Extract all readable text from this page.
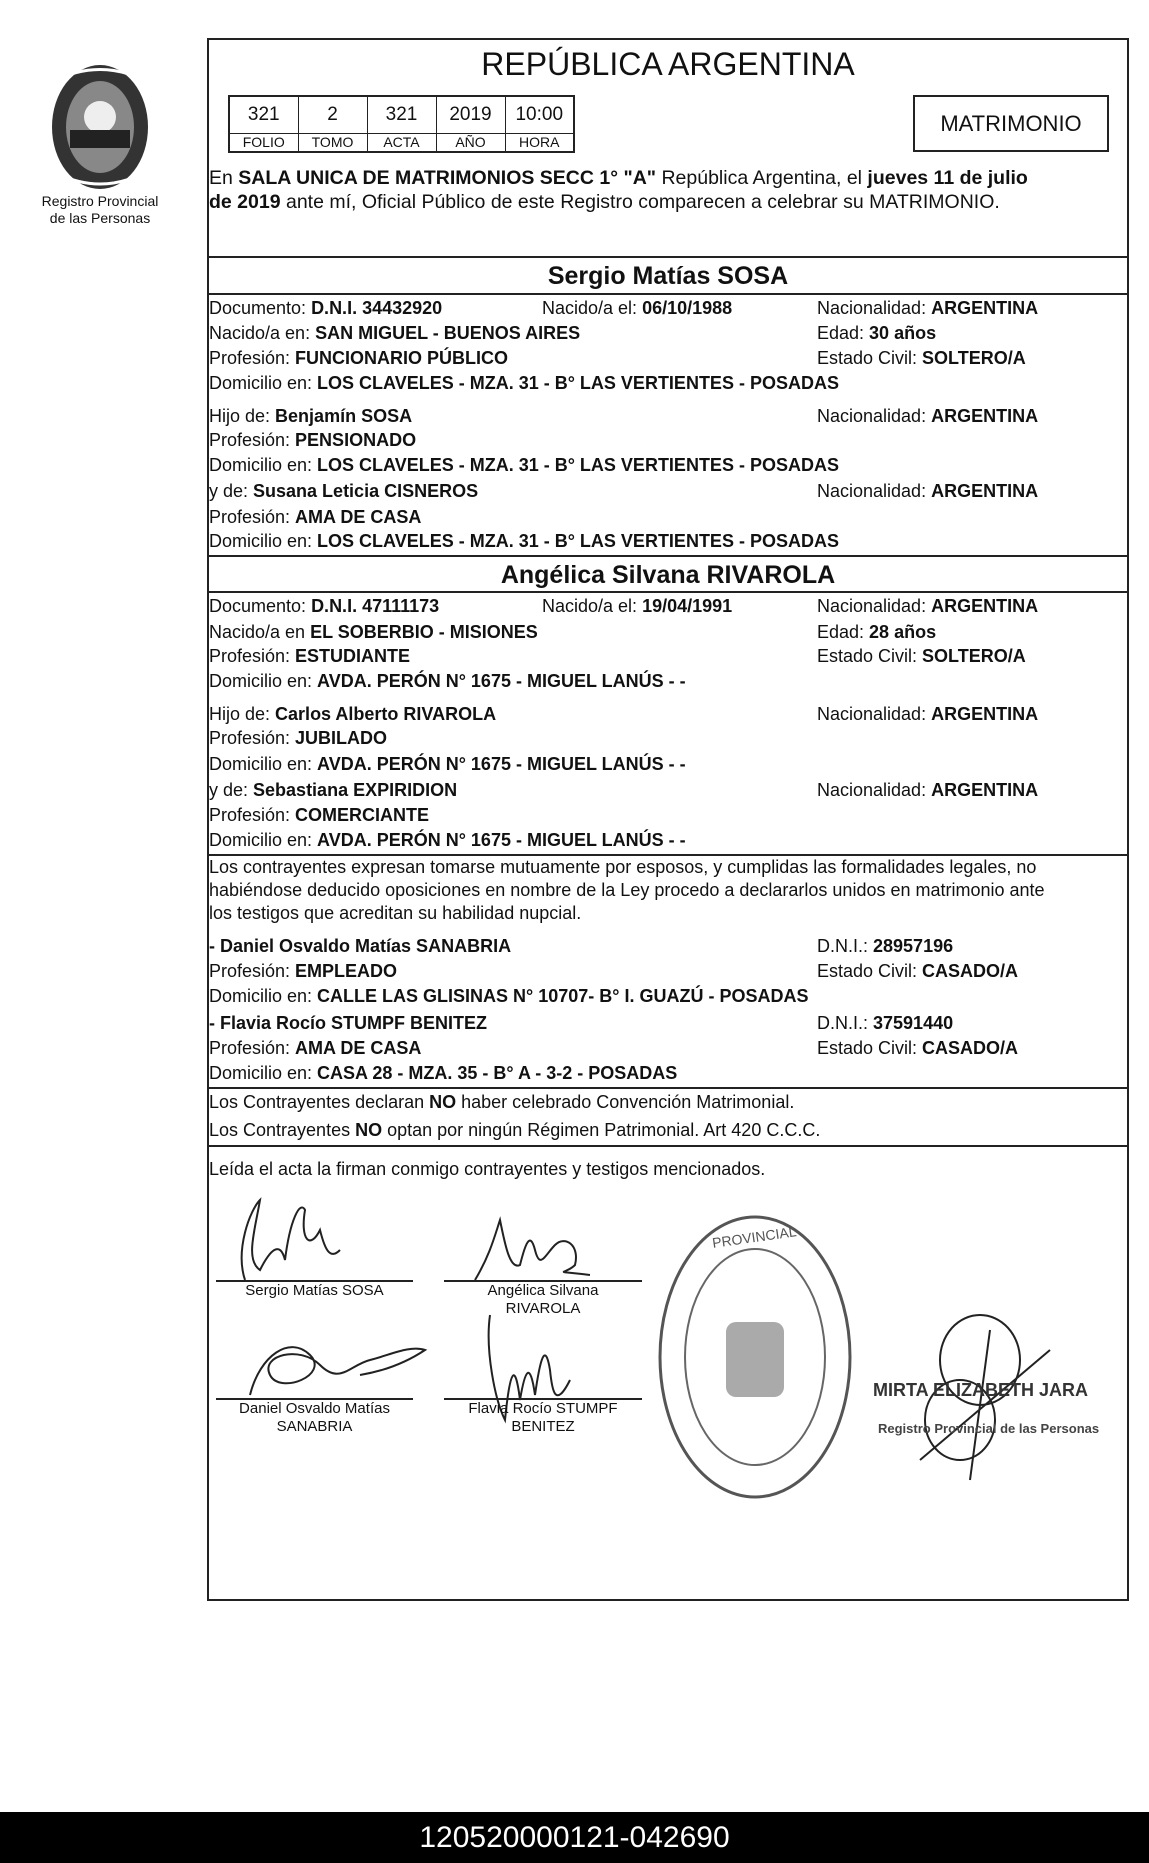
Registro Provincial
de las Personas
REPÚBLICA ARGENTINA
321	2	321	2019	10:00
FOLIO	TOMO	ACTA	AÑO	HORA
MATRIMONIO
En SALA UNICA DE MATRIMONIOS SECC 1° "A" República Argentina, el jueves 11 de julio
de 2019 ante mí, Oficial Público de este Registro comparecen a celebrar su MATRIMONIO.
Sergio Matías SOSA
Documento: D.N.I. 34432920	Nacido/a el: 06/10/1988	Nacionalidad: ARGENTINA
Nacido/a en: SAN MIGUEL - BUENOS AIRES	Edad: 30 años
Profesión: FUNCIONARIO PÚBLICO	Estado Civil: SOLTERO/A
Domicilio en: LOS CLAVELES - MZA. 31 - B° LAS VERTIENTES - POSADAS
Hijo de: Benjamín SOSA	Nacionalidad: ARGENTINA
Profesión: PENSIONADO
Domicilio en: LOS CLAVELES - MZA. 31 - B° LAS VERTIENTES - POSADAS
y de: Susana Leticia CISNEROS	Nacionalidad: ARGENTINA
Profesión: AMA DE CASA
Domicilio en: LOS CLAVELES - MZA. 31 - B° LAS VERTIENTES - POSADAS
Angélica Silvana RIVAROLA
Documento: D.N.I. 47111173	Nacido/a el: 19/04/1991	Nacionalidad: ARGENTINA
Nacido/a en EL SOBERBIO - MISIONES	Edad: 28 años
Profesión: ESTUDIANTE	Estado Civil: SOLTERO/A
Domicilio en: AVDA. PERÓN N° 1675 - MIGUEL LANÚS - -
Hijo de: Carlos Alberto RIVAROLA	Nacionalidad: ARGENTINA
Profesión: JUBILADO
Domicilio en: AVDA. PERÓN N° 1675 - MIGUEL LANÚS - -
y de: Sebastiana EXPIRIDION	Nacionalidad: ARGENTINA
Profesión: COMERCIANTE
Domicilio en: AVDA. PERÓN N° 1675 - MIGUEL LANÚS - -
Los contrayentes expresan tomarse mutuamente por esposos, y cumplidas las formalidades legales, no
habiéndose deducido oposiciones en nombre de la Ley procedo a declararlos unidos en matrimonio ante
los testigos que acreditan su habilidad nupcial.
- Daniel Osvaldo Matías SANABRIA	D.N.I.: 28957196
Profesión: EMPLEADO	Estado Civil: CASADO/A
Domicilio en: CALLE LAS GLISINAS N° 10707- B° I. GUAZÚ - POSADAS
- Flavia Rocío STUMPF BENITEZ	D.N.I.: 37591440
Profesión: AMA DE CASA	Estado Civil: CASADO/A
Domicilio en: CASA 28 - MZA. 35 - B° A - 3-2 - POSADAS
Los Contrayentes declaran NO haber celebrado Convención Matrimonial.
Los Contrayentes NO optan por ningún Régimen Patrimonial. Art 420 C.C.C.
Leída el acta la firman conmigo contrayentes y testigos mencionados.
Sergio Matías SOSA	Angélica Silvana
RIVAROLA
Daniel Osvaldo Matías
SANABRIA
Flavia Rocío STUMPF
BENITEZ
PROVINCIAL
MIRTA ELIZABETH JARA
Registro Provincial de las Personas
120520000121-042690
